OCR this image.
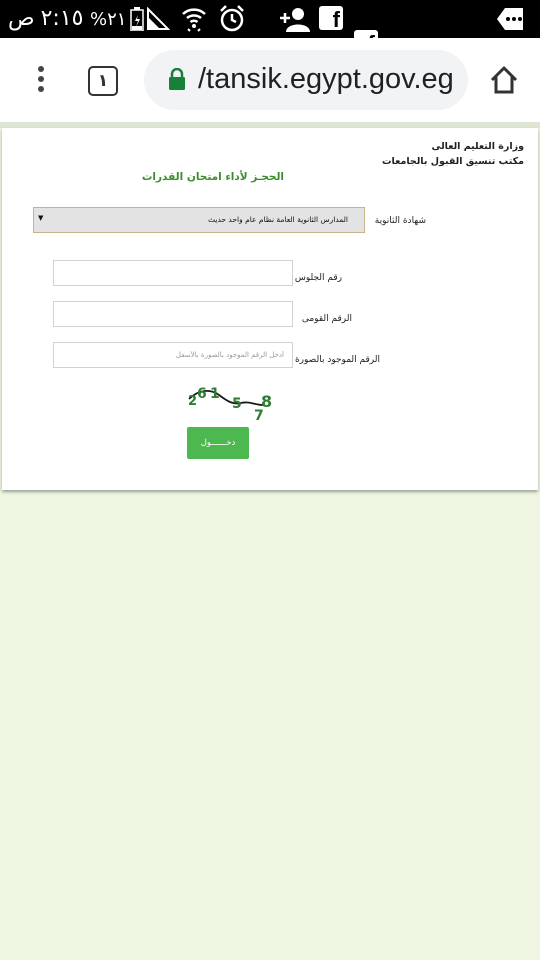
ص ٢:١٥ %٢١
f
f
f
f
f
١	/tansik.egypt.gov.eg
وزارة التعليم العالى
مكتب تنسيق القبول بالجامعات
الحجـز لأداء امتحان القدرات
شهادة الثانوية
المدارس الثانوية العامة نظام عام واحد حديث
▼
رقم الجلوس
الرقم القومى
الرقم الموجود بالصورة
أدخل الرقم الموجود بالصورة بالأسفل
2 6 1
5
7
8
دخــــــول
